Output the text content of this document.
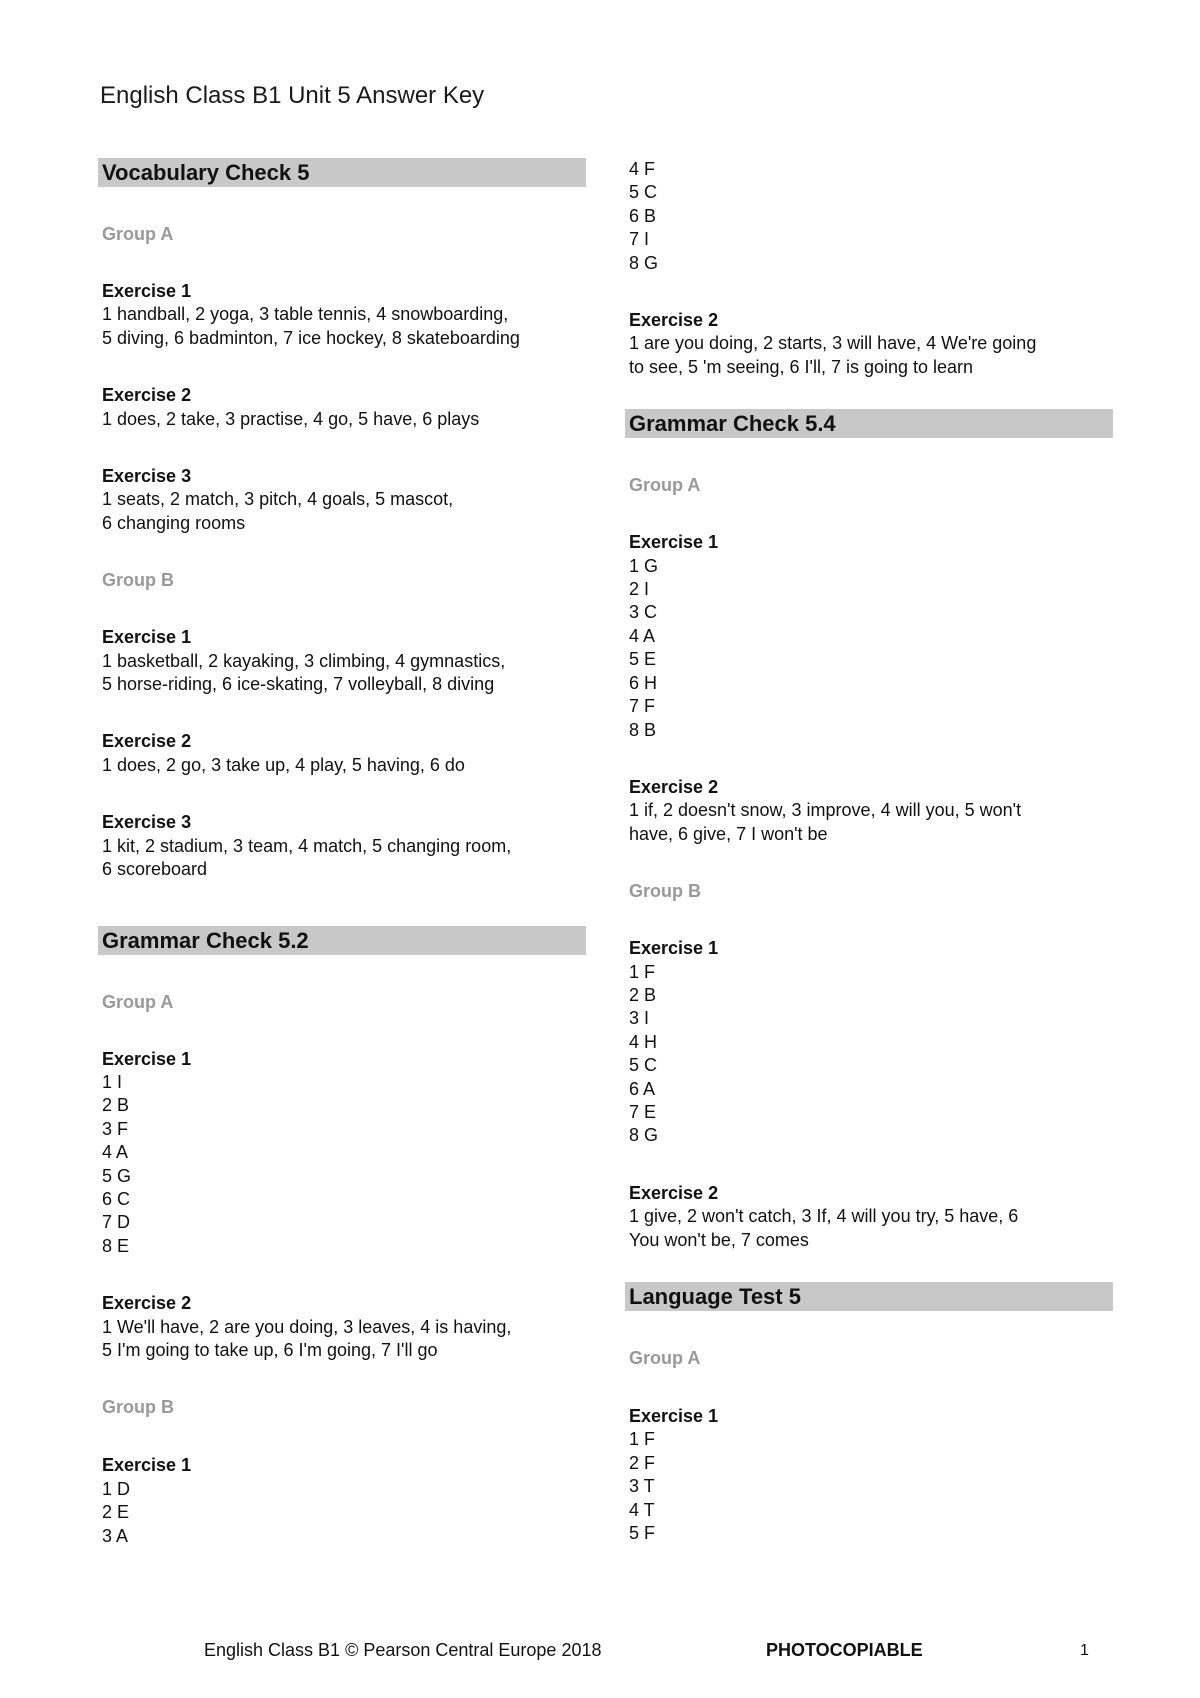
English Class B1 Unit 5 Answer Key
Vocabulary Check 5
Group A
Exercise 1
1 handball, 2 yoga, 3 table tennis, 4 snowboarding,
5 diving, 6 badminton, 7 ice hockey, 8 skateboarding
Exercise 2
1 does, 2 take, 3 practise, 4 go, 5 have, 6 plays
Exercise 3
1 seats, 2 match, 3 pitch, 4 goals, 5 mascot,
6 changing rooms
Group B
Exercise 1
1 basketball, 2 kayaking, 3 climbing, 4 gymnastics,
5 horse-riding, 6 ice-skating, 7 volleyball, 8 diving
Exercise 2
1 does, 2 go, 3 take up, 4 play, 5 having, 6 do
Exercise 3
1 kit, 2 stadium, 3 team, 4 match, 5 changing room,
6 scoreboard
Grammar Check 5.2
Group A
Exercise 1
1 I
2 B
3 F
4 A
5 G
6 C
7 D
8 E
Exercise 2
1 We'll have, 2 are you doing, 3 leaves, 4 is having,
5 I'm going to take up, 6 I'm going, 7 I'll go
Group B
Exercise 1
1 D
2 E
3 A
4 F
5 C
6 B
7 I
8 G
Exercise 2
1 are you doing, 2 starts, 3 will have, 4 We're going
to see, 5 'm seeing, 6 I'll, 7 is going to learn
Grammar Check 5.4
Group A
Exercise 1
1 G
2 I
3 C
4 A
5 E
6 H
7 F
8 B
Exercise 2
1 if, 2 doesn't snow, 3 improve, 4 will you, 5 won't
have, 6 give, 7 I won't be
Group B
Exercise 1
1 F
2 B
3 I
4 H
5 C
6 A
7 E
8 G
Exercise 2
1 give, 2 won't catch, 3 If, 4 will you try, 5 have, 6
You won't be, 7 comes
Language Test 5
Group A
Exercise 1
1 F
2 F
3 T
4 T
5 F
English Class B1 © Pearson Central Europe 2018	PHOTOCOPIABLE	1
